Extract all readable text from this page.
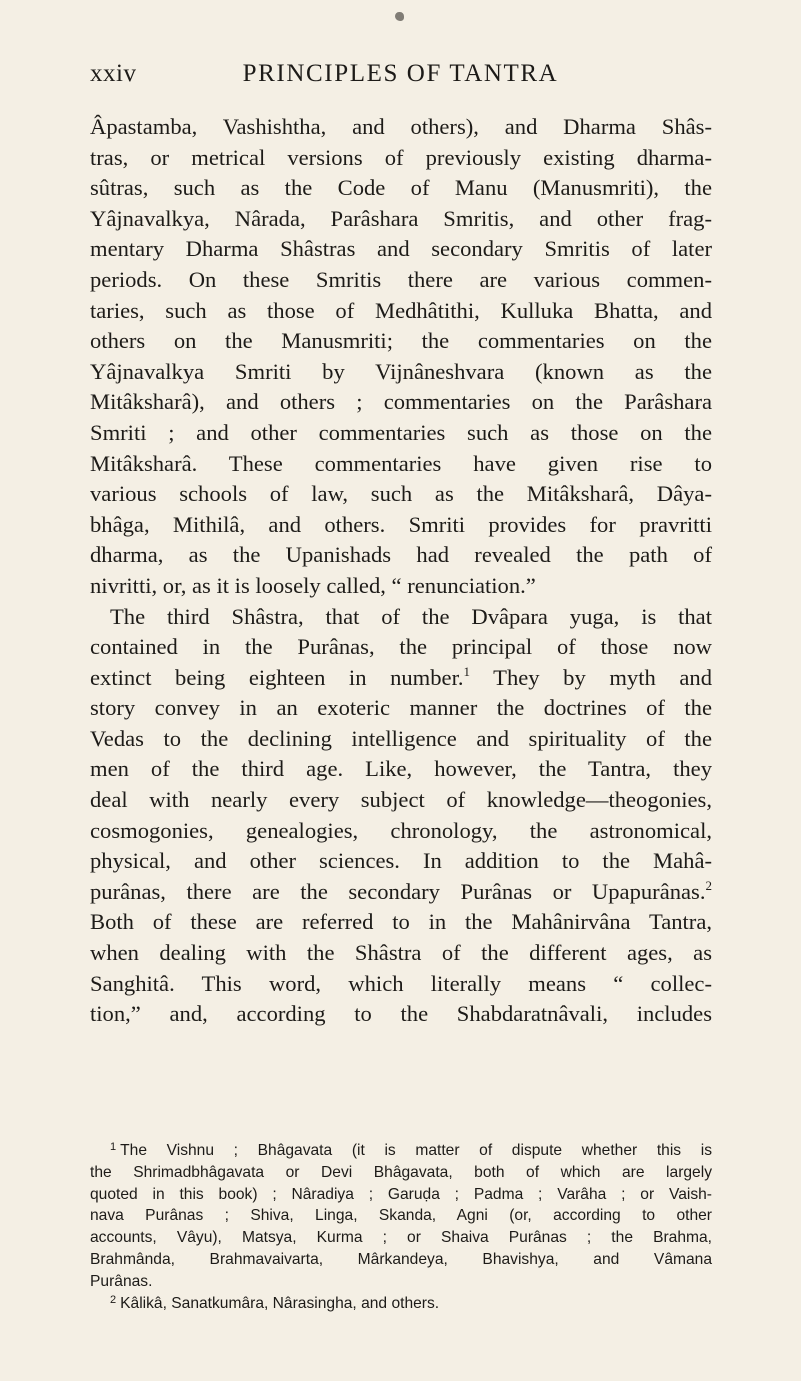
xxiv	PRINCIPLES OF TANTRA
Âpastamba, Vashishtha, and others), and Dharma Shâs-
tras, or metrical versions of previously existing dharma-
sûtras, such as the Code of Manu (Manusmriti), the
Yâjnavalkya, Nârada, Parâshara Smritis, and other frag-
mentary Dharma Shâstras and secondary Smritis of later
periods. On these Smritis there are various commen-
taries, such as those of Medhâtithi, Kulluka Bhatta, and
others on the Manusmriti; the commentaries on the
Yâjnavalkya Smriti by Vijnâneshvara (known as the
Mitâksharâ), and others ; commentaries on the Parâshara
Smriti ; and other commentaries such as those on the
Mitâksharâ. These commentaries have given rise to
various schools of law, such as the Mitâksharâ, Dâya-
bhâga, Mithilâ, and others. Smriti provides for pravritti
dharma, as the Upanishads had revealed the path of
nivritti, or, as it is loosely called, “ renunciation.”
The third Shâstra, that of the Dvâpara yuga, is that
contained in the Purânas, the principal of those now
extinct being eighteen in number.$^1$ They by myth and
story convey in an exoteric manner the doctrines of the
Vedas to the declining intelligence and spirituality of the
men of the third age. Like, however, the Tantra, they
deal with nearly every subject of knowledge—theogonies,
cosmogonies, genealogies, chronology, the astronomical,
physical, and other sciences. In addition to the Mahâ-
purânas, there are the secondary Purânas or Upapurânas.$^2$
Both of these are referred to in the Mahânirvâna Tantra,
when dealing with the Shâstra of the different ages, as
Sanghitâ. This word, which literally means “ collec-
tion,” and, according to the Shabdaratnâvali, includes
$^1$ The Vishnu ; Bhâgavata (it is matter of dispute whether this is
the Shrimadbhâgavata or Devi Bhâgavata, both of which are largely
quoted in this book) ; Nâradiya ; Garuḍa ; Padma ; Varâha ; or Vaish-
nava Purânas ; Shiva, Linga, Skanda, Agni (or, according to other
accounts, Vâyu), Matsya, Kurma ; or Shaiva Purânas ; the Brahma,
Brahmânda, Brahmavaivarta, Mârkandeya, Bhavishya, and Vâmana
Purânas.
$^2$ Kâlikâ, Sanatkumâra, Nârasingha, and others.
